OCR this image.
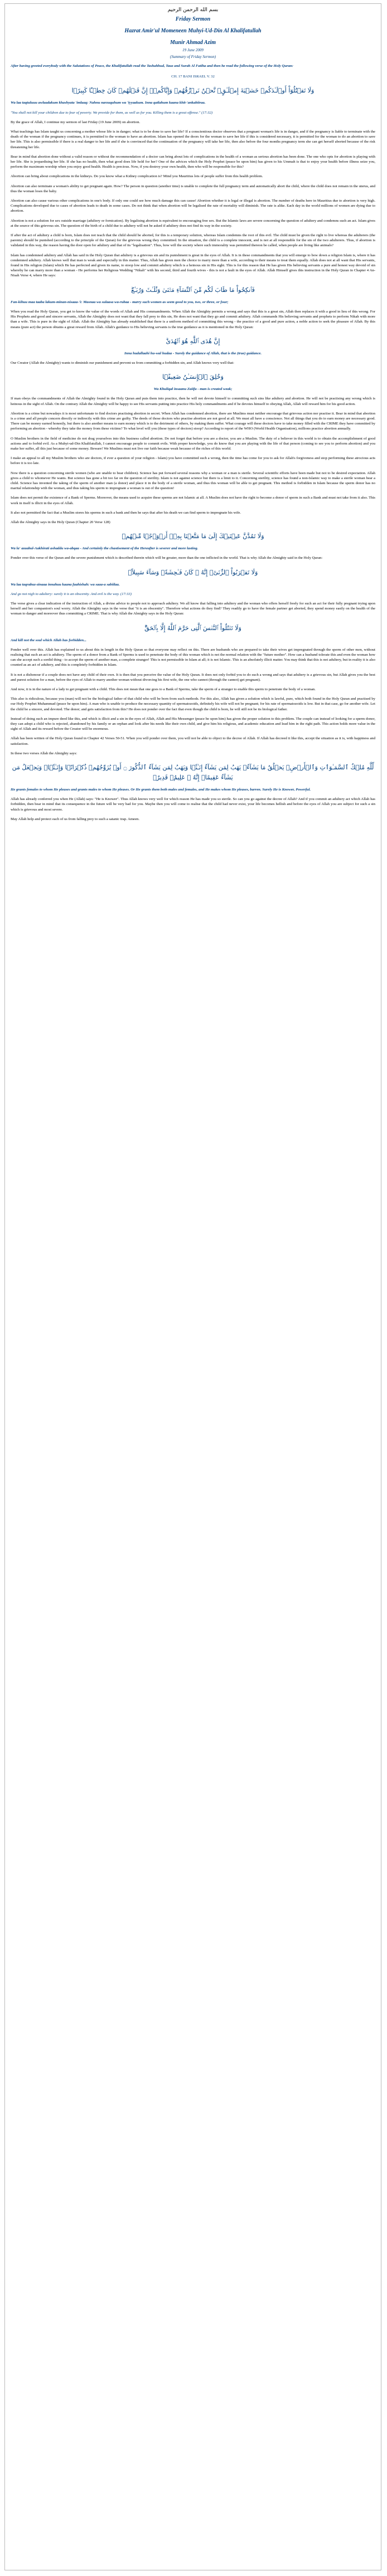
بسم الله الرحمن الرحيم
Friday Sermon
Hazrat Amir'ul Momeneen Muhyi-Ud-Din Al Khalifatullah
Munir Ahmad Azim
19 June 2009
(Summary of Friday Sermon)

After having greeted everybody with the Salutations of Peace, the Khalifatullah read the Tashahhud, Tauz and Surah Al Fatiha and then he read the following verse of the Holy Quran:

CH. 17 BANI ISRAEL V. 32

وَلَا تَقۡتُلُوٓاْ أَوۡلَـٰدَكُمۡ خَشۡيَةَ إِمۡلَـٰقٍ‌ۖ نَّحۡنُ نَرۡزُقُهُمۡ وَإِيَّاكُمۡ‌ۚ إِنَّ قَتۡلَهُمۡ كَانَ خِطۡـًٔا كَبِيرً۬ا

Wa laa taqtuluuu awlaadakum khashyata 'imlaaq: Nahnu narzuquhum wa 'iyyaakum. Inna qatlahum kaana khit-'ankabiiraa.

"You shall not kill your children due to fear of poverty. We provide for them, as well as for you. Killing them is a great offense." (17:32)

By the grace of Allah, I continue my sermon of last Friday (19 June 2009) on abortion.

What teachings has Islam taught us concerning a mother whose life is in danger; what is to be done to save her life? If a conscientious doctor observes that a pregnant woman's life is in danger, and if the pregnancy is liable to terminate with the death of the woman if the pregnancy continues, it is permitted to the woman to have an abortion. Islam has opened the doors for the woman to save her life if this is considered necessary, it is permitted for the woman to do an abortion to save her life. This is also permissible if there is a real danger to her life and if she is convinced that the continuation of the pregnancy will take her life, then also before the four months pregnancy term she can get herself aborted because of the risk threatening her life.

Bear in mind that abortion done without a valid reason or without the recommendation of a doctor can bring about lots of complications in the health of a woman as serious abortion has been done. The one who opts for abortion is playing with her life. She is jeopardising her life. If she has no health, then what good does life hold for her? One of the advices which the Holy Prophet (peace be upon him) has given to his Ummah is that to enjoy your health before illness seize you, perform the maximum worship when you enjoy good health. Health is precious. Now, if you destroy your own health, then who will be responsible for this?

Abortion can bring about complications in the kidneys. Do you know what a Kidney complication is? Mind you Mauritius lots of people suffer from this health problem.

Abortion can also terminate a woman's ability to get pregnant again. How? The person in question (another time) is unable to complete the full pregnancy term and automatically abort the child, where the child does not remain in the uterus, and thus the woman loses the baby.

Abortion can also cause various other complications in one's body. If only one could see how much damage this can cause! Abortion whether it is legal or illegal is abortion. The number of deaths here in Mauritius due to abortion is very high. Complications developed due to cases of abortion leads to death in some cases. Do not think that when abortion will be legalised the rate of mortality will diminish. The rate is alike. Each day in the world millions of women are dying due to abortion.

Abortion is not a solution for sex outside marriage (adultery or fornication). By legalising abortion is equivalent to encouraging free sex. But the Islamic laws are severe concerning the question of adultery and condemns such an act. Islam gives at the source of this grievous sin. The question of the birth of a child due to adultery will not be asked if adultery does not find its way in the society.

If after the act of adultery a child is born, Islam does not teach that the child should be aborted, for this is a temporary solution, whereas Islam condemns the root of this evil. The child must be given the right to live whereas the adulterers (the parents) should be punished (according to the principle of the Quran) for the grievous wrong they committed. In the situation, the child is a complete innocent, and is not at all responsible for the sin of the two adulterers. Thus, if abortion is validated in this way, the reason having the door open for adultery and that of its "legalisation". Thus, how will the society where such immorality was permitted thereon be called, when people are living like animals?

Islam has condemned adultery and Allah has said in the Holy Quran that adultery is a grievous sin and its punishment is great in the eyes of Allah. It is in these commandments that you will emerge to bow down a religion Islam is, where it has condemned adultery. Allah knows well that man is weak and especially in this matter. Thus, Allah has given men the choice to marry more than a wife, according to their means to treat them equally. Allah does not at all want that His servants, found in His religion (Islam) which He has perfected and given its name, to stoop low and commit adultery which is a heinous sin in His sight. This is for this reason that He has given His believing servants a pure and honest way devoid of sin whereby he can marry more than a woman - He performs her Religious Wedding "Nikah" with his second, third and fourth wives - this is not a fault in the eyes of Allah. Allah Himself gives this instruction in the Holy Quran in Chapter 4 An-Nisah Verse 4, where He says:

فَٱنكِحُواْ مَا طَابَ لَكُم مِّنَ ٱلنِّسَآءِ مَثۡنَىٰ وَثُلَـٰثَ وَرُبَـٰعَ‌ۖ

Fan-kihuu maa taaba lakum-minan-nisaaa-'i: Masnaa wa sulaasa wa-rubaa - marry such women as seem good to you, two, or three, or four;

When you read the Holy Quran, you get to know the value of the words of Allah and His commandments. When Allah the Almighty permits a wrong and says that this is a great sin, Allah then replaces it with a good in lieu of this wrong. For His Prophets and good and sincere servants, Allah the Almighty does not want that they fall prey to this sin, He does not want that they go and commit adultery. Allah commands His believing servants and prophets to perform Nikah with more than a wife. This is pure in the sight of Allah. Allah the Almighty has already established that there is a uniform method of committing this wrong - the practice of a good and pure action, a noble action to seek the pleasure of Allah. By this means (pure act) the person obtains a great reward from Allah. Allah's guidance to His believing servants is the true guidance as it is mentioned in the Holy Quran:

إِنَّ هُدَى ٱللَّهِ هُوَ ٱلۡهُدَىٰ‌ۗ

Inna hudallaahi hu-wal hudaa - Surely the guidance of Allah, that is the (true) guidance.

Our Creator (Allah the Almighty) wants to diminish our punishment and prevent us from committing a forbidden sin, and Allah knows very well that:

وَخُلِقَ ٱلۡإِنسَـٰنُ ضَعِيفً۬ا

Wa Khuliqal insaanu Zaiifa - man is created weak;

If man obeys the commandments of Allah the Almighty found in the Holy Quran and puts them into practice, then he will not devote himself to committing such sins like adultery and abortion. He will not be practising any wrong which is heinous in the sight of Allah. On the contrary Allah the Almighty will be happy to see His servants putting into practice His holy commandments and if he devotes himself to obeying Allah, Allah will reward him for his good action.

Abortion is a crime but nowadays it is most unfortunate to find doctors practising abortion in secret. When Allah has condemned abortion, there are Muslims must neither encourage that grievous action nor practise it. Bear in mind that abortion is a crime and all people concern directly or indirectly with this crime are guilty. The deeds of those doctors who practise abortion are not good at all. We must all have a conscience. Not all things that you do to earn money are necessary good. There can be money earned honestly, but there is also another means to earn money which is to the detriment of others, by making them suffer. What courage will these doctors have to take money filled with the CRIME they have committed by performing an abortion - whereby they take the money from these victims? To what level will you (these types of doctors) stoop? According to report of the WHO (World Health Organisation), millions practice abortion annually.

O Muslim brothers in the field of medicine do not drag yourselves into this business called abortion. Do not forget that before you are a doctor, you are a Muslim. The duty of a believer in this world is to obtain the accomplishment of good actions and to forbid evil. As a Muhyi-ud-Din Khalifatullah, I cannot encourage people to commit evils. With proper knowledge, you do know that you are playing with the life of that person (coming to see you to perform abortion) and you make her suffer, all this just because of some money. Beware! We Muslims must not live our faith because weak because of the riches of this world.

I make an appeal to all my Muslim brothers who are doctors, if ever a question of your religion - Islam) you have committed such a wrong, then the time has come for you to ask for Allah's forgiveness and stop performing these atrocious acts before it is too late.

Now there is a question concerning sterile women (who are unable to bear children). Science has put forward several reasons why a woman or a man is sterile. Several scientific efforts have been made but not to be desired expectation. Allah gives a child to whomever He wants. But science has gone a bit too far on the question of sterility. Islam is not against science but there is a limit to it. Concerning sterility, science has found a non-Islamic way to make a sterile woman bear a child. Science has invented the taking of the sperm of another man (a donor) and place it in the body of a sterile woman, and thus this woman will be able to get pregnant. This method is forbidden in Islam because the sperm donor has no marital relationship with the woman, and thus taking his sperm to impregnate a woman is out of the question!

Islam does not permit the existence of a Bank of Sperms. Moreover, the means used to acquire these sperms are not Islamic at all. A Muslim does not have the right to become a donor of sperm in such a Bank and must not take from it also. This work in itself is illicit in the eyes of Allah.

It also not permitted the fact that a Muslim stores his sperms in such a bank and then he says that after his death we can find sperm to impregnate his wife.

Allah the Almighty says in the Holy Quran (Chapter 20 Verse 128)

وَلَا تَمُدَّنَّ عَيۡنَيۡكَ إِلَىٰ مَا مَتَّعۡنَا بِهِۦۤ أَزۡوَٲجً۬ا مِّنۡهُمۡ

Wa la' azaabul-Aakhirati ashaddu wa-abqaa - And certainly the chastisement of the Hereafter is severer and more lasting.

Ponder over this verse of the Quran and the severe punishment which is described therein which will be greater, more than the one inflicted in the world. That is why Allah the Almighty said in the Holy Quran:

وَلَا تَقۡرَبُواْ ٱلزِّنَىٰٓ‌ۖ إِنَّهُ ۥ كَانَ فَـٰحِشَةً۬ وَسَآءَ سَبِيلاً۬

Wa laa taqrabuz-zinaaa innahuu kaana faahishah: wa saaa-a sabiilaa.

And go not nigh to adultery: surely it is an obscenity. And evil is the way. (17:33)

The verse gives a clear indication of the instruction of Allah, a divine advice to people not to approach adultery. We all know that falling into adultery and the woman who offers herself freely for such an act for their fully pregnant trying upon herself and her companion's soul worry. Allah the Almighty says in the verse that "it is an obscenity". Therefore what actions do they find? They readily go to have the female partner get aborted, they spend money easily on the health of the woman to danger and moreover thus committing a CRIME. That is why Allah the Almighty says in the Holy Quran:

وَلَا تَقۡتُلُواْ ٱلنَّفۡسَ ٱلَّتِى حَرَّمَ ٱللَّهُ إِلَّا بِٱلۡحَقِّ‌ۗ

And kill not the soul which Allah has forbidden...

Ponder well over this. Allah has explained to us about this in length in the Holy Quran so that everyone may reflect on this. There are husbands who are prepared to take their wives get impregnated through the sperm of other men, without realising that such an act is adultery. The sperm of a donor from a Bank of Sperms is used to penetrate the body of this woman which is not the normal relation with the "future mother". How can a husband tolerate this and even the woman how can she accept such a sordid thing - to accept the sperm of another man, a complete stranger! This is not permissible in Islam at all; it is not Islamic. This is an absolutely illicit matter. You may think that this is not adultery, but in reality it is also counted as an act of adultery, and this is completely forbidden in Islam.

It is not a dishonour if a couple does not have any child of their own. It is then that you perceive the value of the Holy Quran. It does not only forbid you to do such a wrong and says that adultery is a grievous sin, but Allah gives you the best and purest solution for a man, before the eyes of Allah to marry another woman without divorcing his first wife, the one who cannot (through the cannot) get pregnant).

And now, it is in the nature of a lady to get pregnant with a child. This does not mean that one goes to a Bank of Sperms, take the sperm of a stranger to enable this sperm to penetrate the body of a woman.

This also is ridiculous, because you (man) will not be the biological father of that child who will be born from such methods. For this also, Allah has given a solution which is lawful, pure, which both found in the Holy Quran and practised by our Holy Prophet Muhammad (peace be upon him). A man who is unable to produce the necessary quantity of spermatozoids, definitely his wife will not be pregnant; for his rate of spermatozoids is low. But in that case, go for another wife. Let the child be a sincere, and devoted. The donor; and gets satisfaction from this? He does not ponder over the fact that even though the child is born, he will still not be its biological father.

Instead of doing such an impure deed like this, and which is illicit and a sin in the eyes of Allah, Allah and His Messenger (peace be upon him) has given the proper solution to this problem. The couple can instead of looking for a sperm donor, they can adopt a child who is rejected, abandoned by his family or an orphan and look after his needs like their own child, and give him his religious, and academic education and lead him in the right path. This action holds more value in the sight of Allah and its reward before the Creator will be enormous.

Allah has been written of the Holy Quran found in Chapter 42 Verses 50-51. When you will ponder over them, you will not be able to object to the decree of Allah. If Allah has decreed it like this, accept the situation as it is, with happiness and satisfaction.

In these two verses Allah the Almighty says:

لِّلَّهِ مُلۡكُ ٱلسَّمَـٰوَٲتِ وَٱلۡأَرۡضِ‌ۚ يَخۡلُقُ مَا يَشَآءُ‌ۚ يَهَبُ لِمَن يَشَآءُ إِنَـٰثً۬ا وَيَهَبُ لِمَن يَشَآءُ ٱلذُّكُورَ ۝ أَوۡ يُزَوِّجُهُمۡ ذُكۡرَانً۬ا وَإِنَـٰثً۬ا‌ۖ وَيَجۡعَلُ مَن يَشَآءُ عَقِيمًا‌ۚ إِنَّهُ ۥ عَلِيمٌ۬ قَدِيرٌ۬

He grants females to whom He pleases and grants males to whom He pleases. Or He grants them both males and females, and He makes whom He pleases, barren. Surely He is Knower, Powerful.

Allah has already conferred you when He (Allah) says: "He is Knower". Thus Allah knows very well for which reason He has made you so sterile. So can you go against the decree of Allah? And if you commit an adultery act which Allah has forbidden, then bear in mind that its consequence in the future will be very bad for you. Maybe then you will come to realise that the child had never exist, your life becomes hellish and before the eyes of Allah you are subject for such a sin which is grievous and most severe.

May Allah help and protect each of us from falling prey to such a satanic trap. Ameen.
